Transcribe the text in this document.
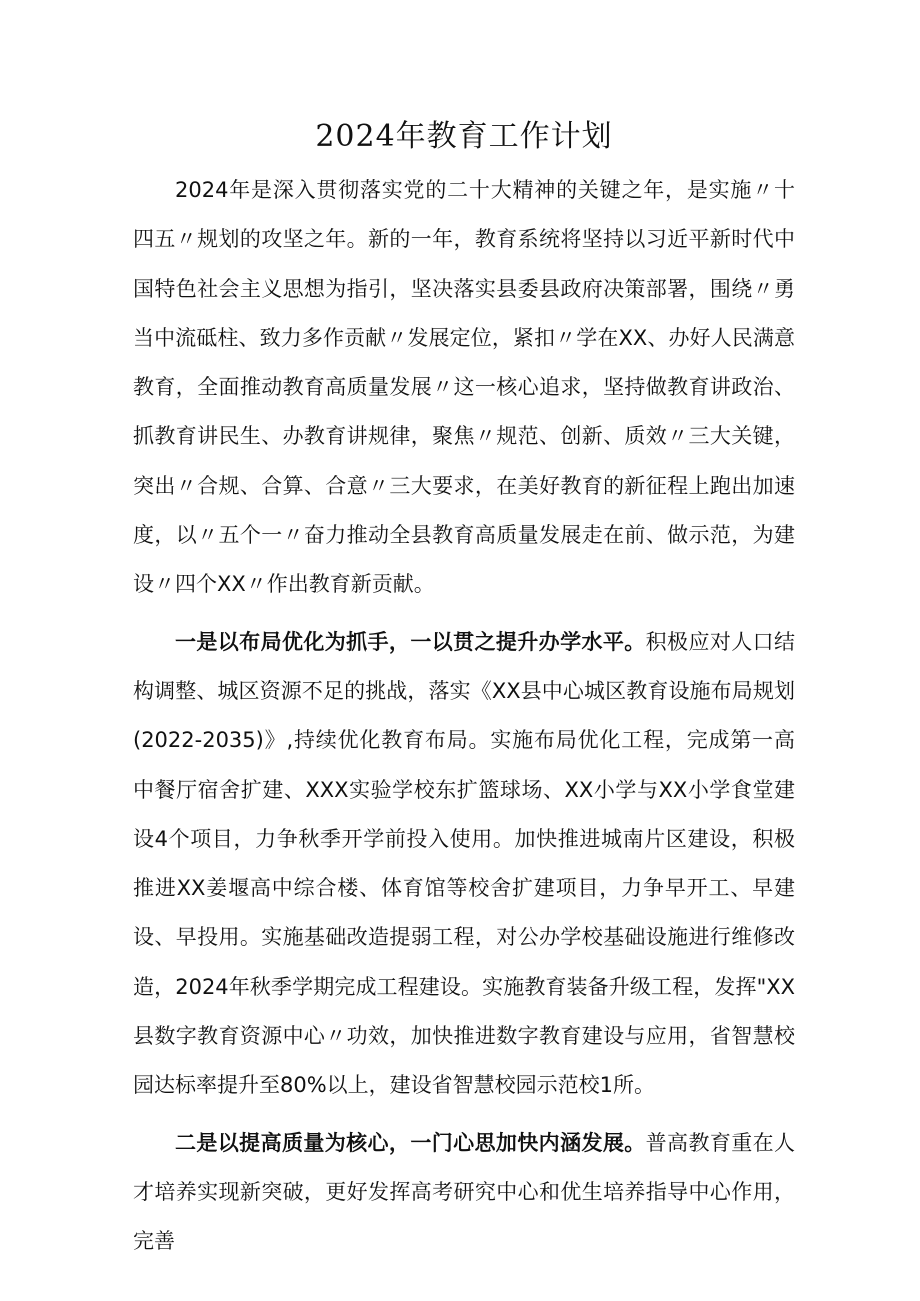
2024年教育工作计划

2024年是深入贯彻落实党的二十大精神的关键之年，是实施〃十四五〃规划的攻坚之年。新的一年，教育系统将坚持以习近平新时代中国特色社会主义思想为指引，坚决落实县委县政府决策部署，围绕〃勇当中流砥柱、致力多作贡献〃发展定位，紧扣〃学在XX、办好人民满意教育，全面推动教育高质量发展〃这一核心追求，坚持做教育讲政治、抓教育讲民生、办教育讲规律，聚焦〃规范、创新、质效〃三大关键，突出〃合规、合算、合意〃三大要求，在美好教育的新征程上跑出加速度，以〃五个一〃奋力推动全县教育高质量发展走在前、做示范，为建设〃四个XX〃作出教育新贡献。

一是以布局优化为抓手，一以贯之提升办学水平。积极应对人口结构调整、城区资源不足的挑战，落实《XX县中心城区教育设施布局规划(2022-2035)》,持续优化教育布局。实施布局优化工程，完成第一高中餐厅宿舍扩建、XXX实验学校东扩篮球场、XX小学与XX小学食堂建设4个项目，力争秋季开学前投入使用。加快推进城南片区建设，积极推进XX姜堰高中综合楼、体育馆等校舍扩建项目，力争早开工、早建设、早投用。实施基础改造提弱工程，对公办学校基础设施进行维修改造，2024年秋季学期完成工程建设。实施教育装备升级工程，发挥"XX县数字教育资源中心〃功效，加快推进数字教育建设与应用，省智慧校园达标率提升至80%以上，建设省智慧校园示范校1所。

二是以提高质量为核心，一门心思加快内涵发展。普高教育重在人才培养实现新突破，更好发挥高考研究中心和优生培养指导中心作用，完善
